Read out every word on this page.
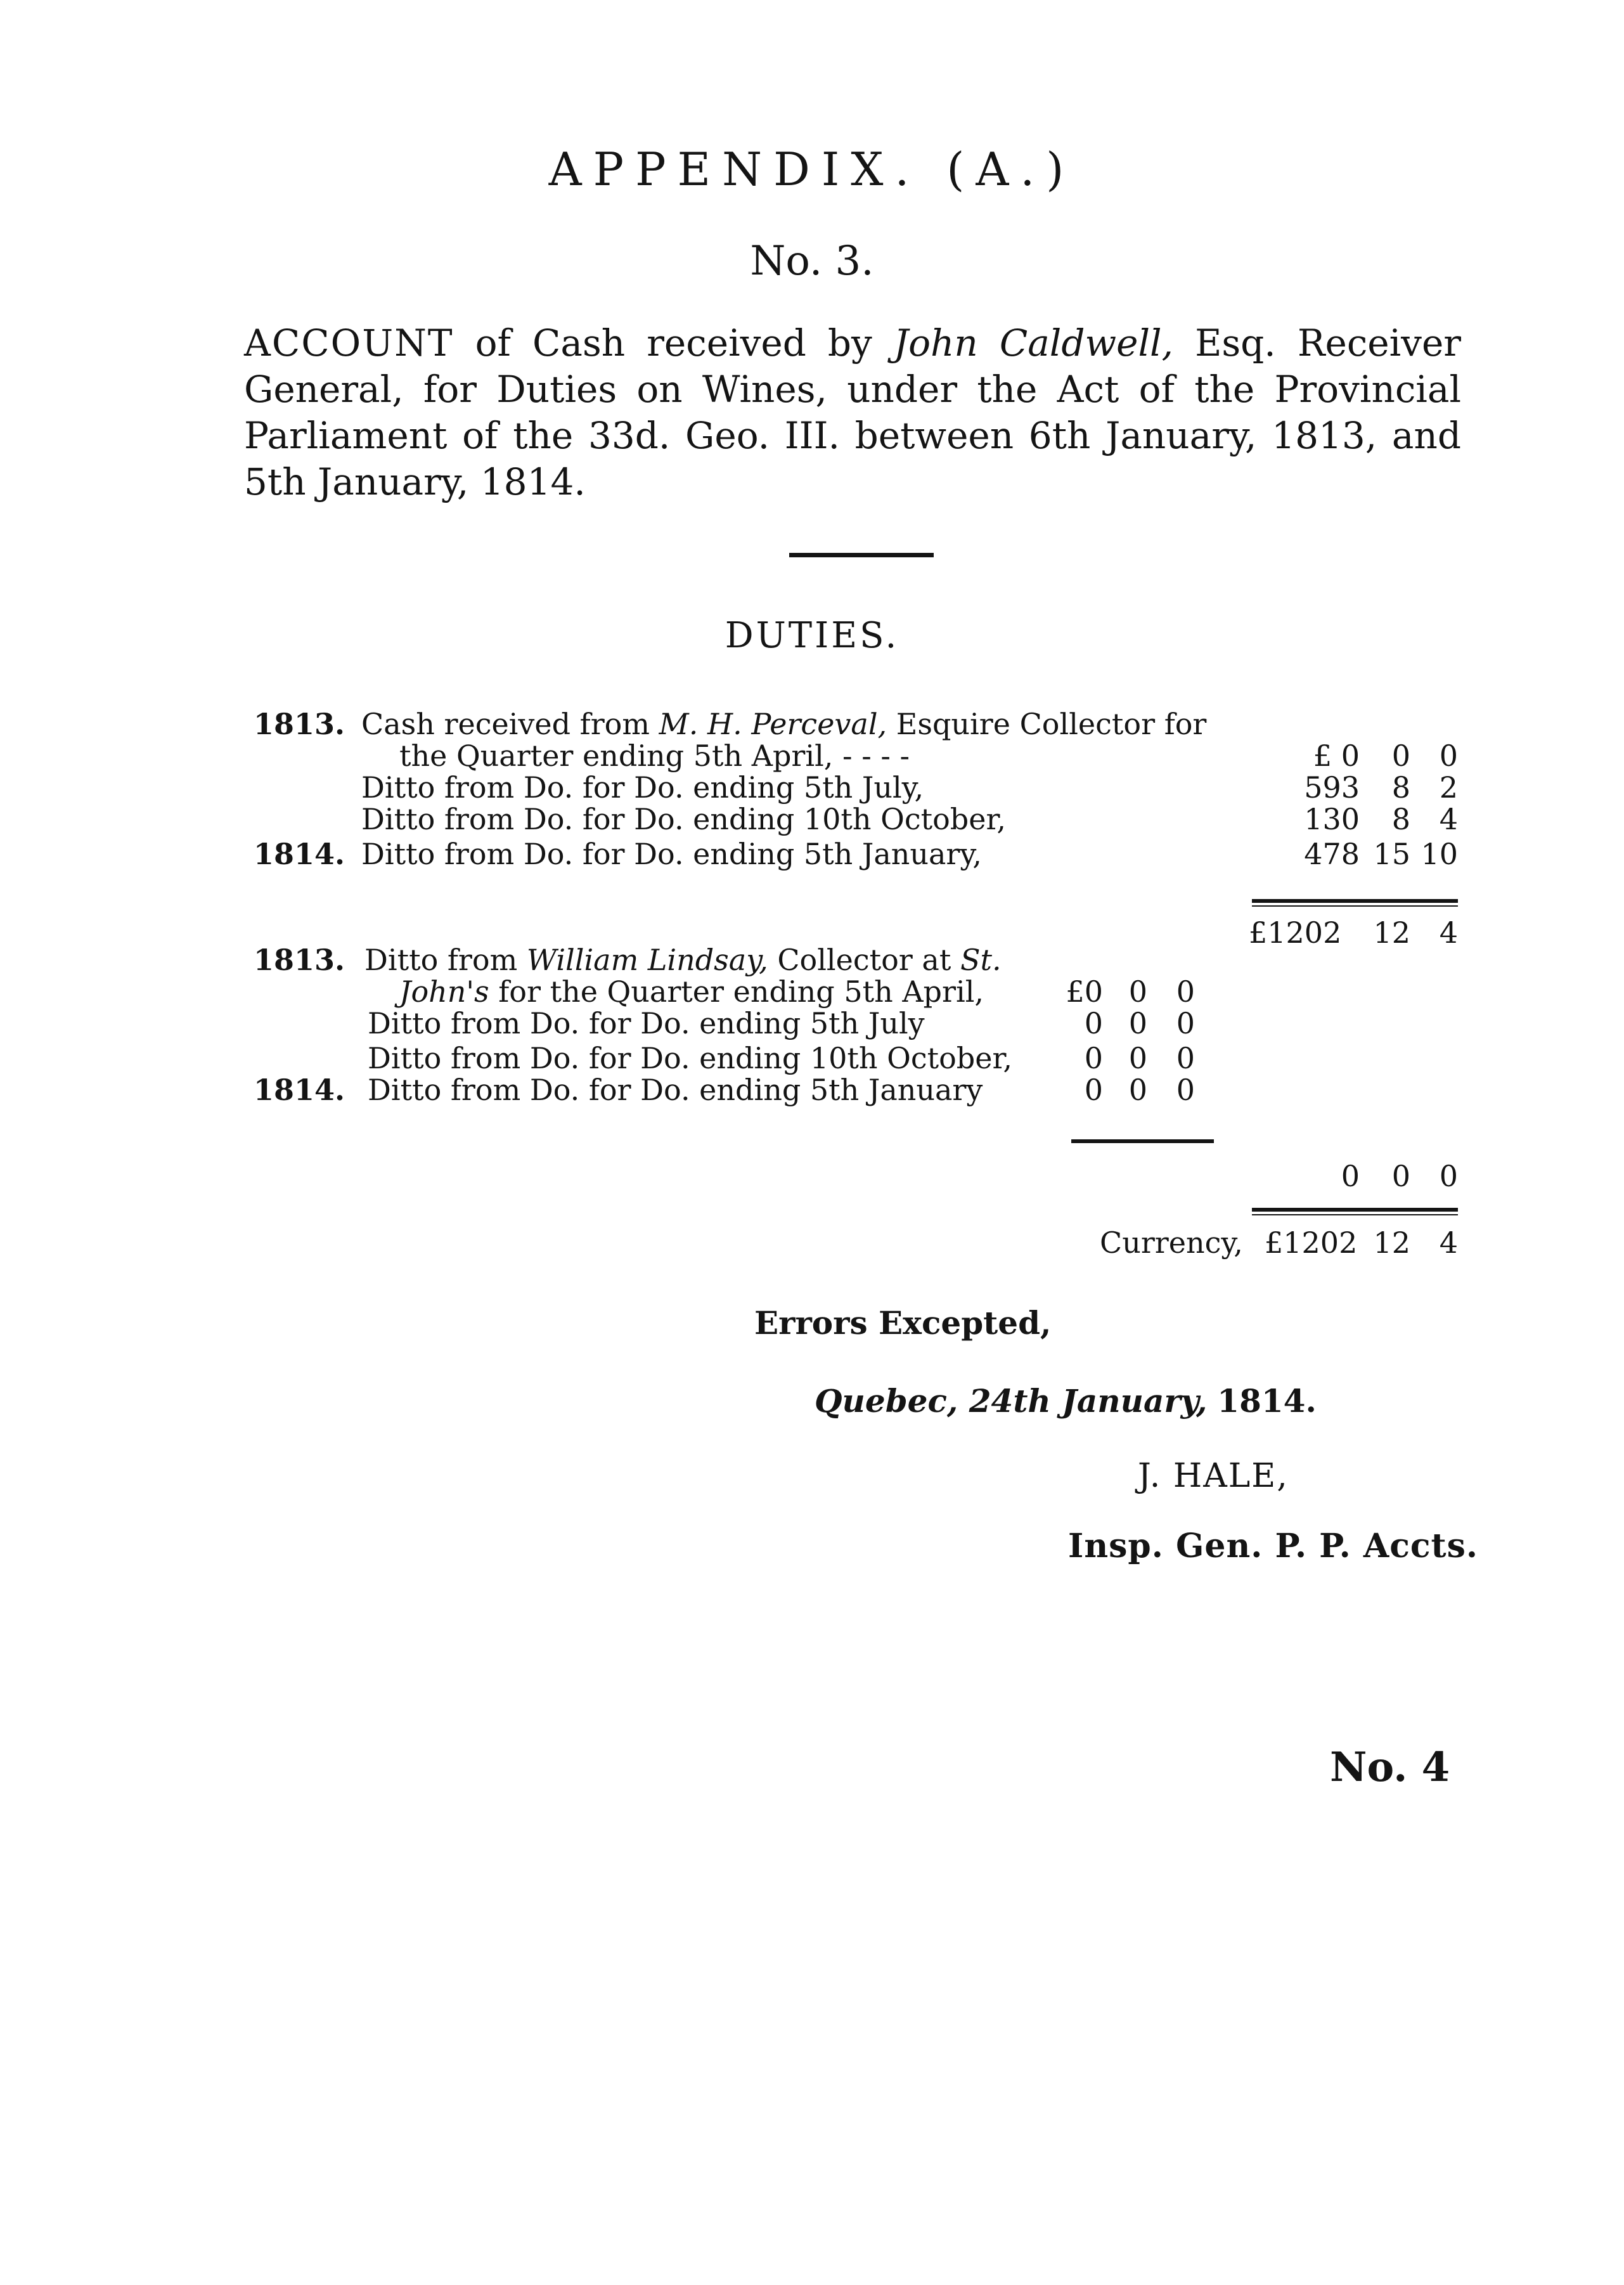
APPENDIX. (A.)
No. 3.
ACCOUNT of Cash received by John Caldwell, Esq. Receiver General, for Duties on Wines, under the Act of the Provincial Parliament of the 33d. Geo. III. between 6th January, 1813, and 5th January, 1814.
DUTIES.
1813. Cash received from M. H. Perceval, Esquire Collector for
the Quarter ending 5th April, - - - -	£ 0	0 0
Ditto from Do. for Do. ending 5th July,	593	8 2
Ditto from Do. for Do. ending 10th October,	130	8 4
1814. Ditto from Do. for Do. ending 5th January,	478 15 10
£1202	12 4
1813. Ditto from William Lindsay, Collector at St.
John's for the Quarter ending 5th April,	£0 0 0
Ditto from Do. for Do. ending 5th July	0 0 0
Ditto from Do. for Do. ending 10th October,	0 0 0
1814. Ditto from Do. for Do. ending 5th January	0 0 0
0	0 0
Currency, £1202 12 4
Errors Excepted,
Quebec, 24th January, 1814.
J. HALE,
Insp. Gen. P. P. Accts.
No. 4
